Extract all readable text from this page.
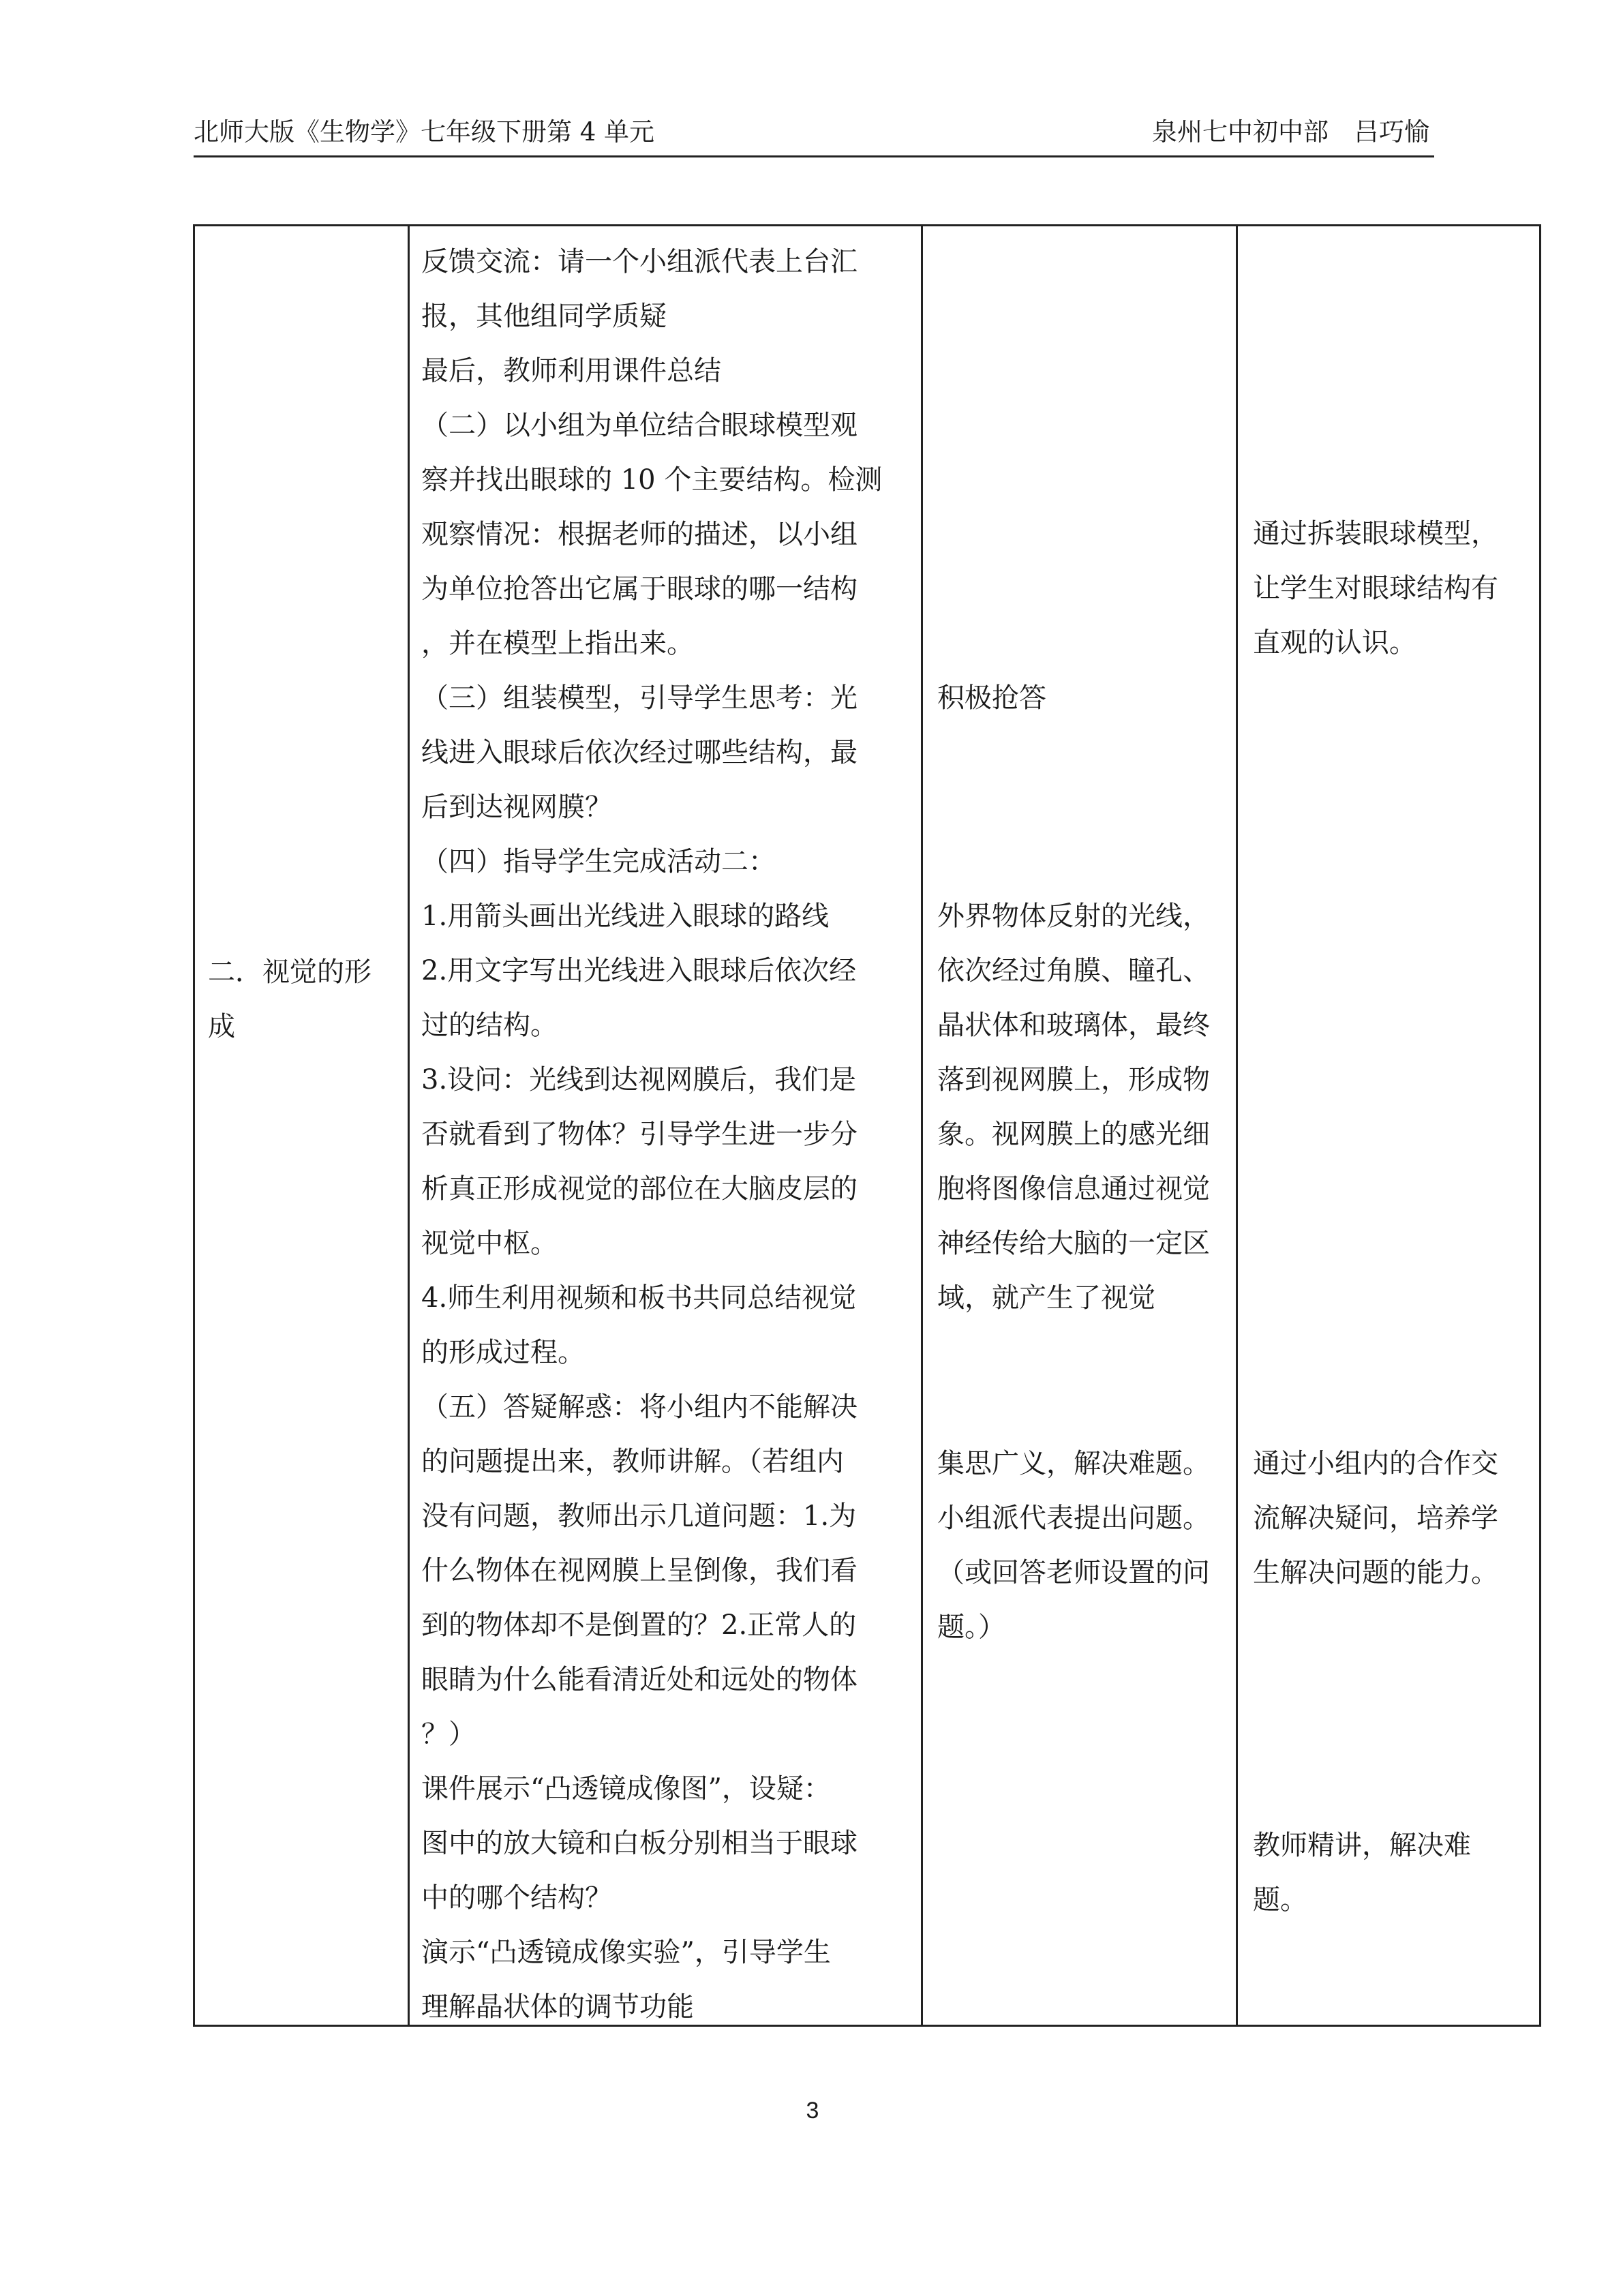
北师大版《生物学》七年级下册第 4 单元	泉州七中初中部　吕巧愉

二．视觉的形

成

反馈交流：请一个小组派代表上台汇

报，其他组同学质疑

最后，教师利用课件总结

（二）以小组为单位结合眼球模型观

察并找出眼球的 10 个主要结构。检测

观察情况：根据老师的描述，以小组

为单位抢答出它属于眼球的哪一结构

，并在模型上指出来。

（三）组装模型，引导学生思考：光

线进入眼球后依次经过哪些结构，最

后到达视网膜？

（四）指导学生完成活动二：

1.用箭头画出光线进入眼球的路线

2.用文字写出光线进入眼球后依次经

过的结构。

3.设问：光线到达视网膜后，我们是

否就看到了物体？引导学生进一步分

析真正形成视觉的部位在大脑皮层的

视觉中枢。

4.师生利用视频和板书共同总结视觉

的形成过程。

（五）答疑解惑：将小组内不能解决

的问题提出来，教师讲解。（若组内

没有问题，教师出示几道问题：1.为

什么物体在视网膜上呈倒像，我们看

到的物体却不是倒置的？2.正常人的

眼睛为什么能看清近处和远处的物体

？）

课件展示“凸透镜成像图”，设疑：

图中的放大镜和白板分别相当于眼球

中的哪个结构？

演示“凸透镜成像实验”，引导学生

理解晶状体的调节功能

积极抢答

外界物体反射的光线，

依次经过角膜、瞳孔、

晶状体和玻璃体，最终

落到视网膜上，形成物

象。视网膜上的感光细

胞将图像信息通过视觉

神经传给大脑的一定区

域，就产生了视觉

集思广义，解决难题。

小组派代表提出问题。

（或回答老师设置的问

题。）

通过拆装眼球模型，

让学生对眼球结构有

直观的认识。

通过小组内的合作交

流解决疑问，培养学

生解决问题的能力。

教师精讲，解决难

题。

3
